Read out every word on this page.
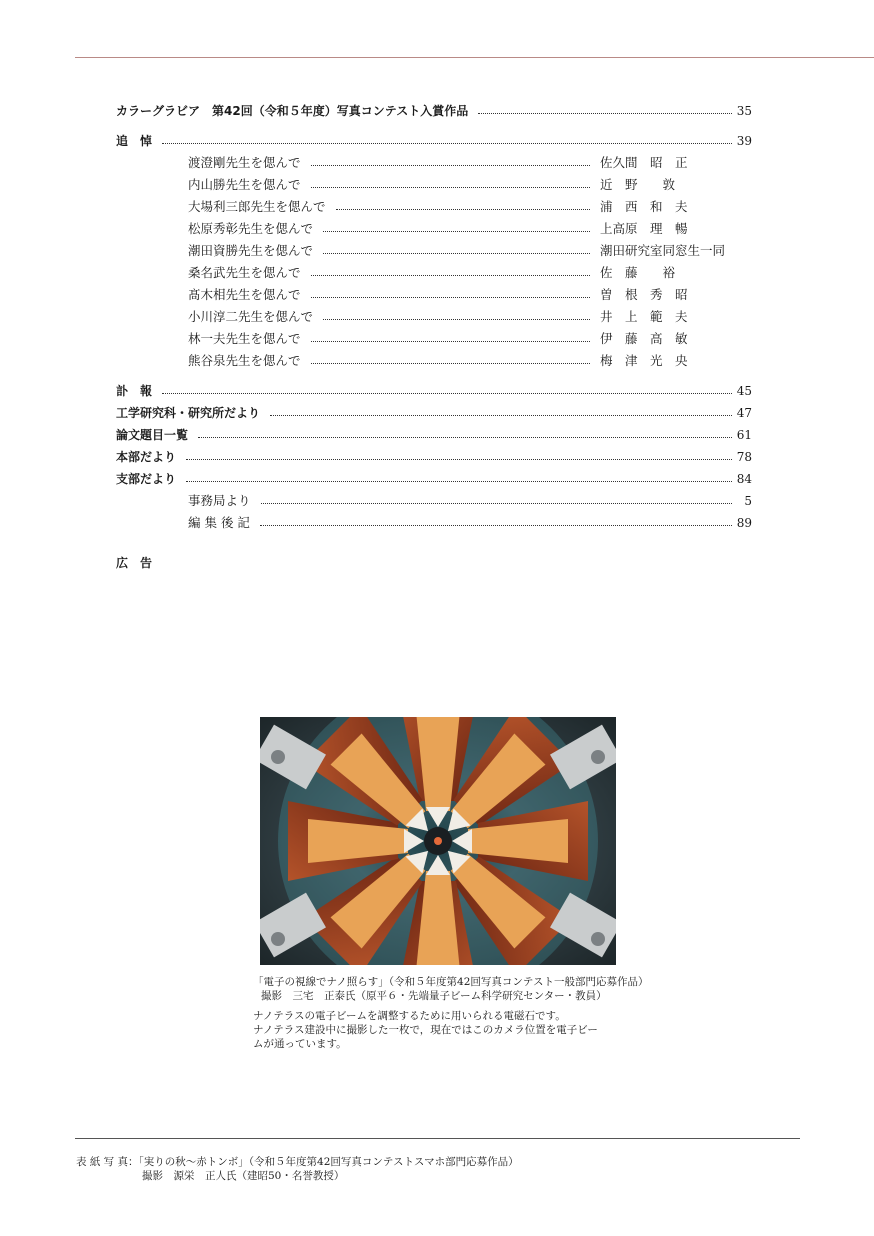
カラーグラビア　第42回（令和５年度）写真コンテスト入賞作品	35
追　悼	39
渡澄剛先生を偲んで	佐久間　昭　正
内山勝先生を偲んで	近　野　　敦
大場利三郎先生を偲んで	浦　西　和　夫
松原秀彰先生を偲んで	上高原　理　暢
潮田資勝先生を偲んで	潮田研究室同窓生一同
桑名武先生を偲んで	佐　藤　　裕
髙木相先生を偲んで	曽　根　秀　昭
小川淳二先生を偲んで	井　上　範　夫
林一夫先生を偲んで	伊　藤　高　敏
熊谷泉先生を偲んで	梅　津　光　央
訃　報	45
工学研究科・研究所だより	47
論文題目一覧	61
本部だより	78
支部だより	84
事務局より	5
編 集 後 記	89
広　告
「電子の視線でナノ照らす」（令和５年度第42回写真コンテスト一般部門応募作品）
撮影　三宅　正泰氏（原平６・先端量子ビーム科学研究センター・教員）
ナノテラスの電子ビームを調整するために用いられる電磁石です。
ナノテラス建設中に撮影した一枚で，現在ではこのカメラ位置を電子ビー
ムが通っています。
表 紙 写 真：「実りの秋～赤トンボ」（令和５年度第42回写真コンテストスマホ部門応募作品）
撮影　源栄　正人氏（建昭50・名誉教授）
